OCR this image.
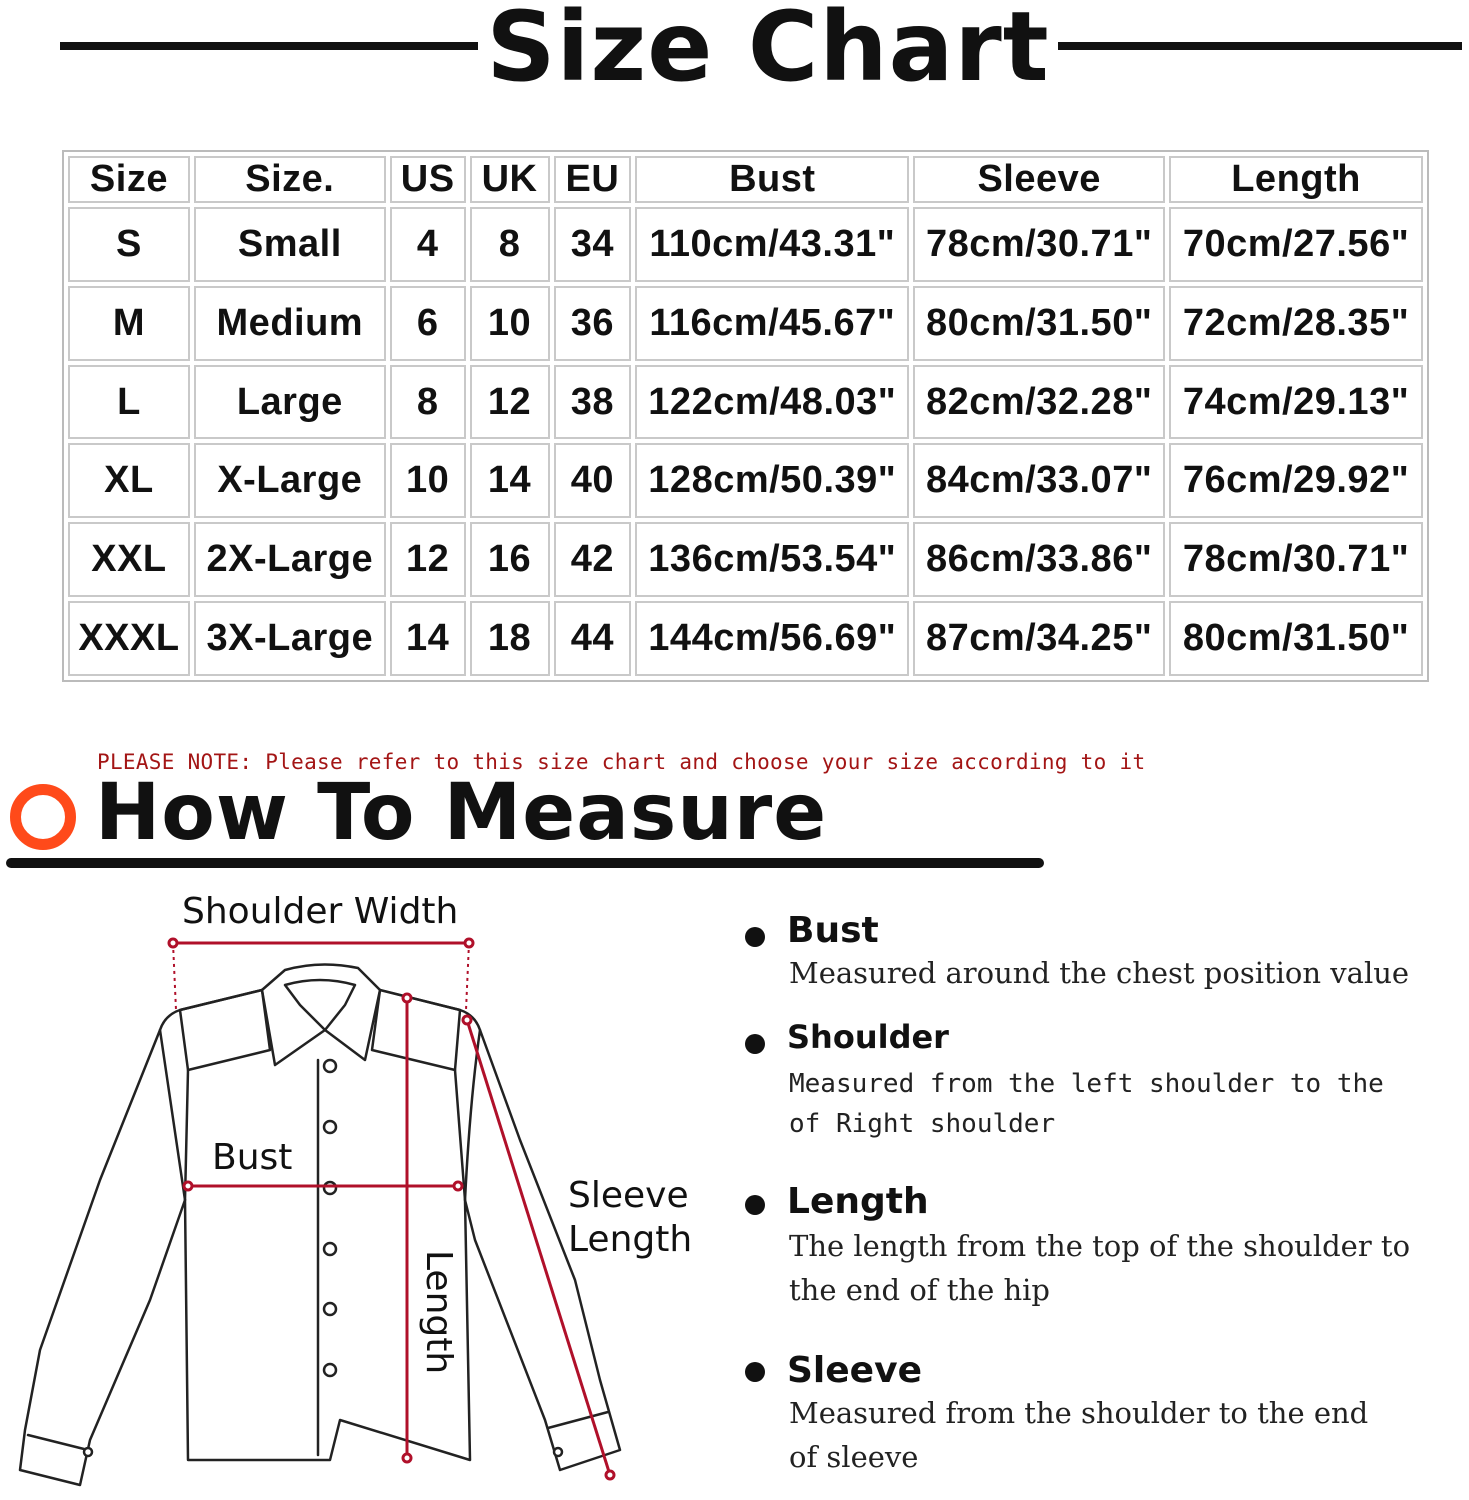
Size Chart
Size	Size.	US	UK	EU	Bust	Sleeve	Length
S	Small	4	8	34	110cm/43.31"	78cm/30.71"	70cm/27.56"
M	Medium	6	10	36	116cm/45.67"	80cm/31.50"	72cm/28.35"
L	Large	8	12	38	122cm/48.03"	82cm/32.28"	74cm/29.13"
XL	X-Large	10	14	40	128cm/50.39"	84cm/33.07"	76cm/29.92"
XXL	2X-Large	12	16	42	136cm/53.54"	86cm/33.86"	78cm/30.71"
XXXL	3X-Large	14	18	44	144cm/56.69"	87cm/34.25"	80cm/31.50"
PLEASE NOTE: Please refer to this size chart and choose your size according to it
How To Measure
Shoulder Width
Bust
Length
Sleeve
Length
Bust
Measured around the chest position value
Shoulder
Measured from the left shoulder to the
of Right shoulder
Length
The length from the top of the shoulder to
the end of the hip
Sleeve
Measured from the shoulder to the end
of sleeve
